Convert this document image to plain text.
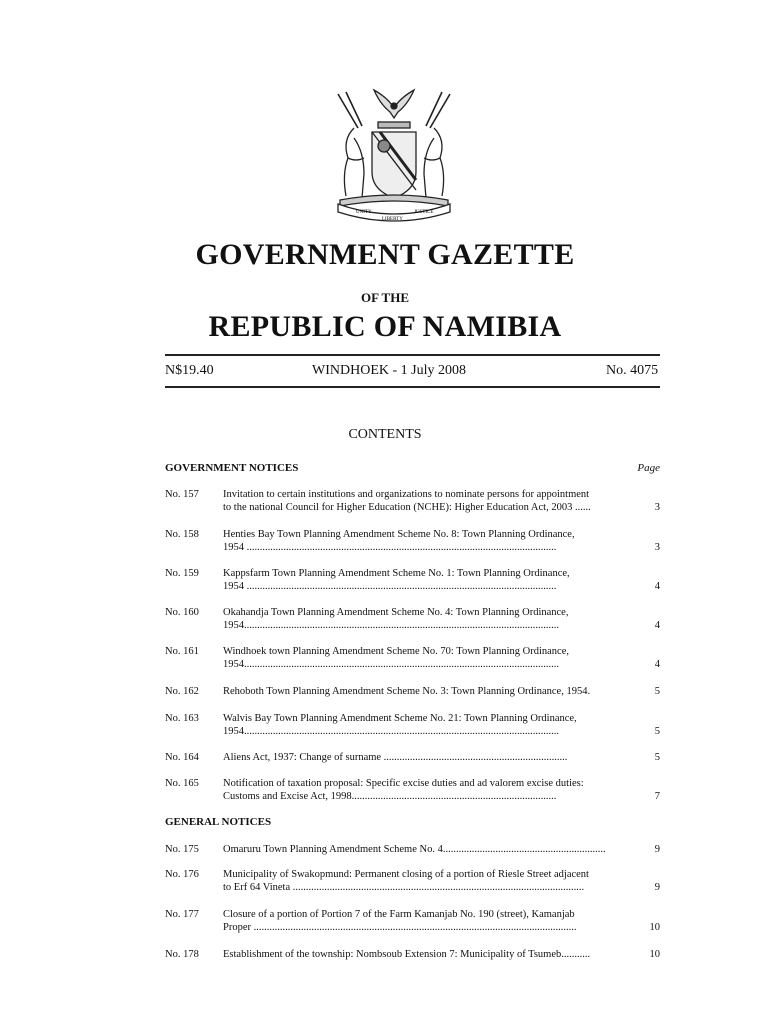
UNITY
LIBERTY
JUSTICE
GOVERNMENT GAZETTE
OF THE
REPUBLIC OF NAMIBIA
N$19.40	WINDHOEK - 1 July 2008	No. 4075
CONTENTS
GOVERNMENT NOTICES	Page
No. 157 Invitation to certain institutions and organizations to nominate persons for appointment
to the national Council for Higher Education (NCHE): Higher Education Act, 2003 ......	3
No. 158 Henties Bay Town Planning Amendment Scheme No. 8: Town Planning Ordinance,
1954 ......................................................................................................................	3
No. 159 Kappsfarm Town Planning Amendment Scheme No. 1: Town Planning Ordinance,
1954 ......................................................................................................................	4
No. 160 Okahandja Town Planning Amendment Scheme No. 4: Town Planning Ordinance,
1954........................................................................................................................	4
No. 161 Windhoek town Planning Amendment Scheme No. 70: Town Planning Ordinance,
1954........................................................................................................................	4
No. 162 Rehoboth Town Planning Amendment Scheme No. 3: Town Planning Ordinance, 1954.	5
No. 163 Walvis Bay Town Planning Amendment Scheme No. 21: Town Planning Ordinance,
1954........................................................................................................................	5
No. 164 Aliens Act, 1937: Change of surname ......................................................................	5
No. 165 Notification of taxation proposal: Specific excise duties and ad valorem excise duties:
Customs and Excise Act, 1998..............................................................................	7
GENERAL NOTICES
No. 175 Omaruru Town Planning Amendment Scheme No. 4..............................................................	9
No. 176 Municipality of Swakopmund: Permanent closing of a portion of Riesle Street adjacent
to Erf 64 Vineta ...............................................................................................................	9
No. 177 Closure of a portion of Portion 7 of the Farm Kamanjab No. 190 (street), Kamanjab
Proper ...........................................................................................................................	10
No. 178 Establishment of the township: Nombsoub Extension 7: Municipality of Tsumeb...........	10
